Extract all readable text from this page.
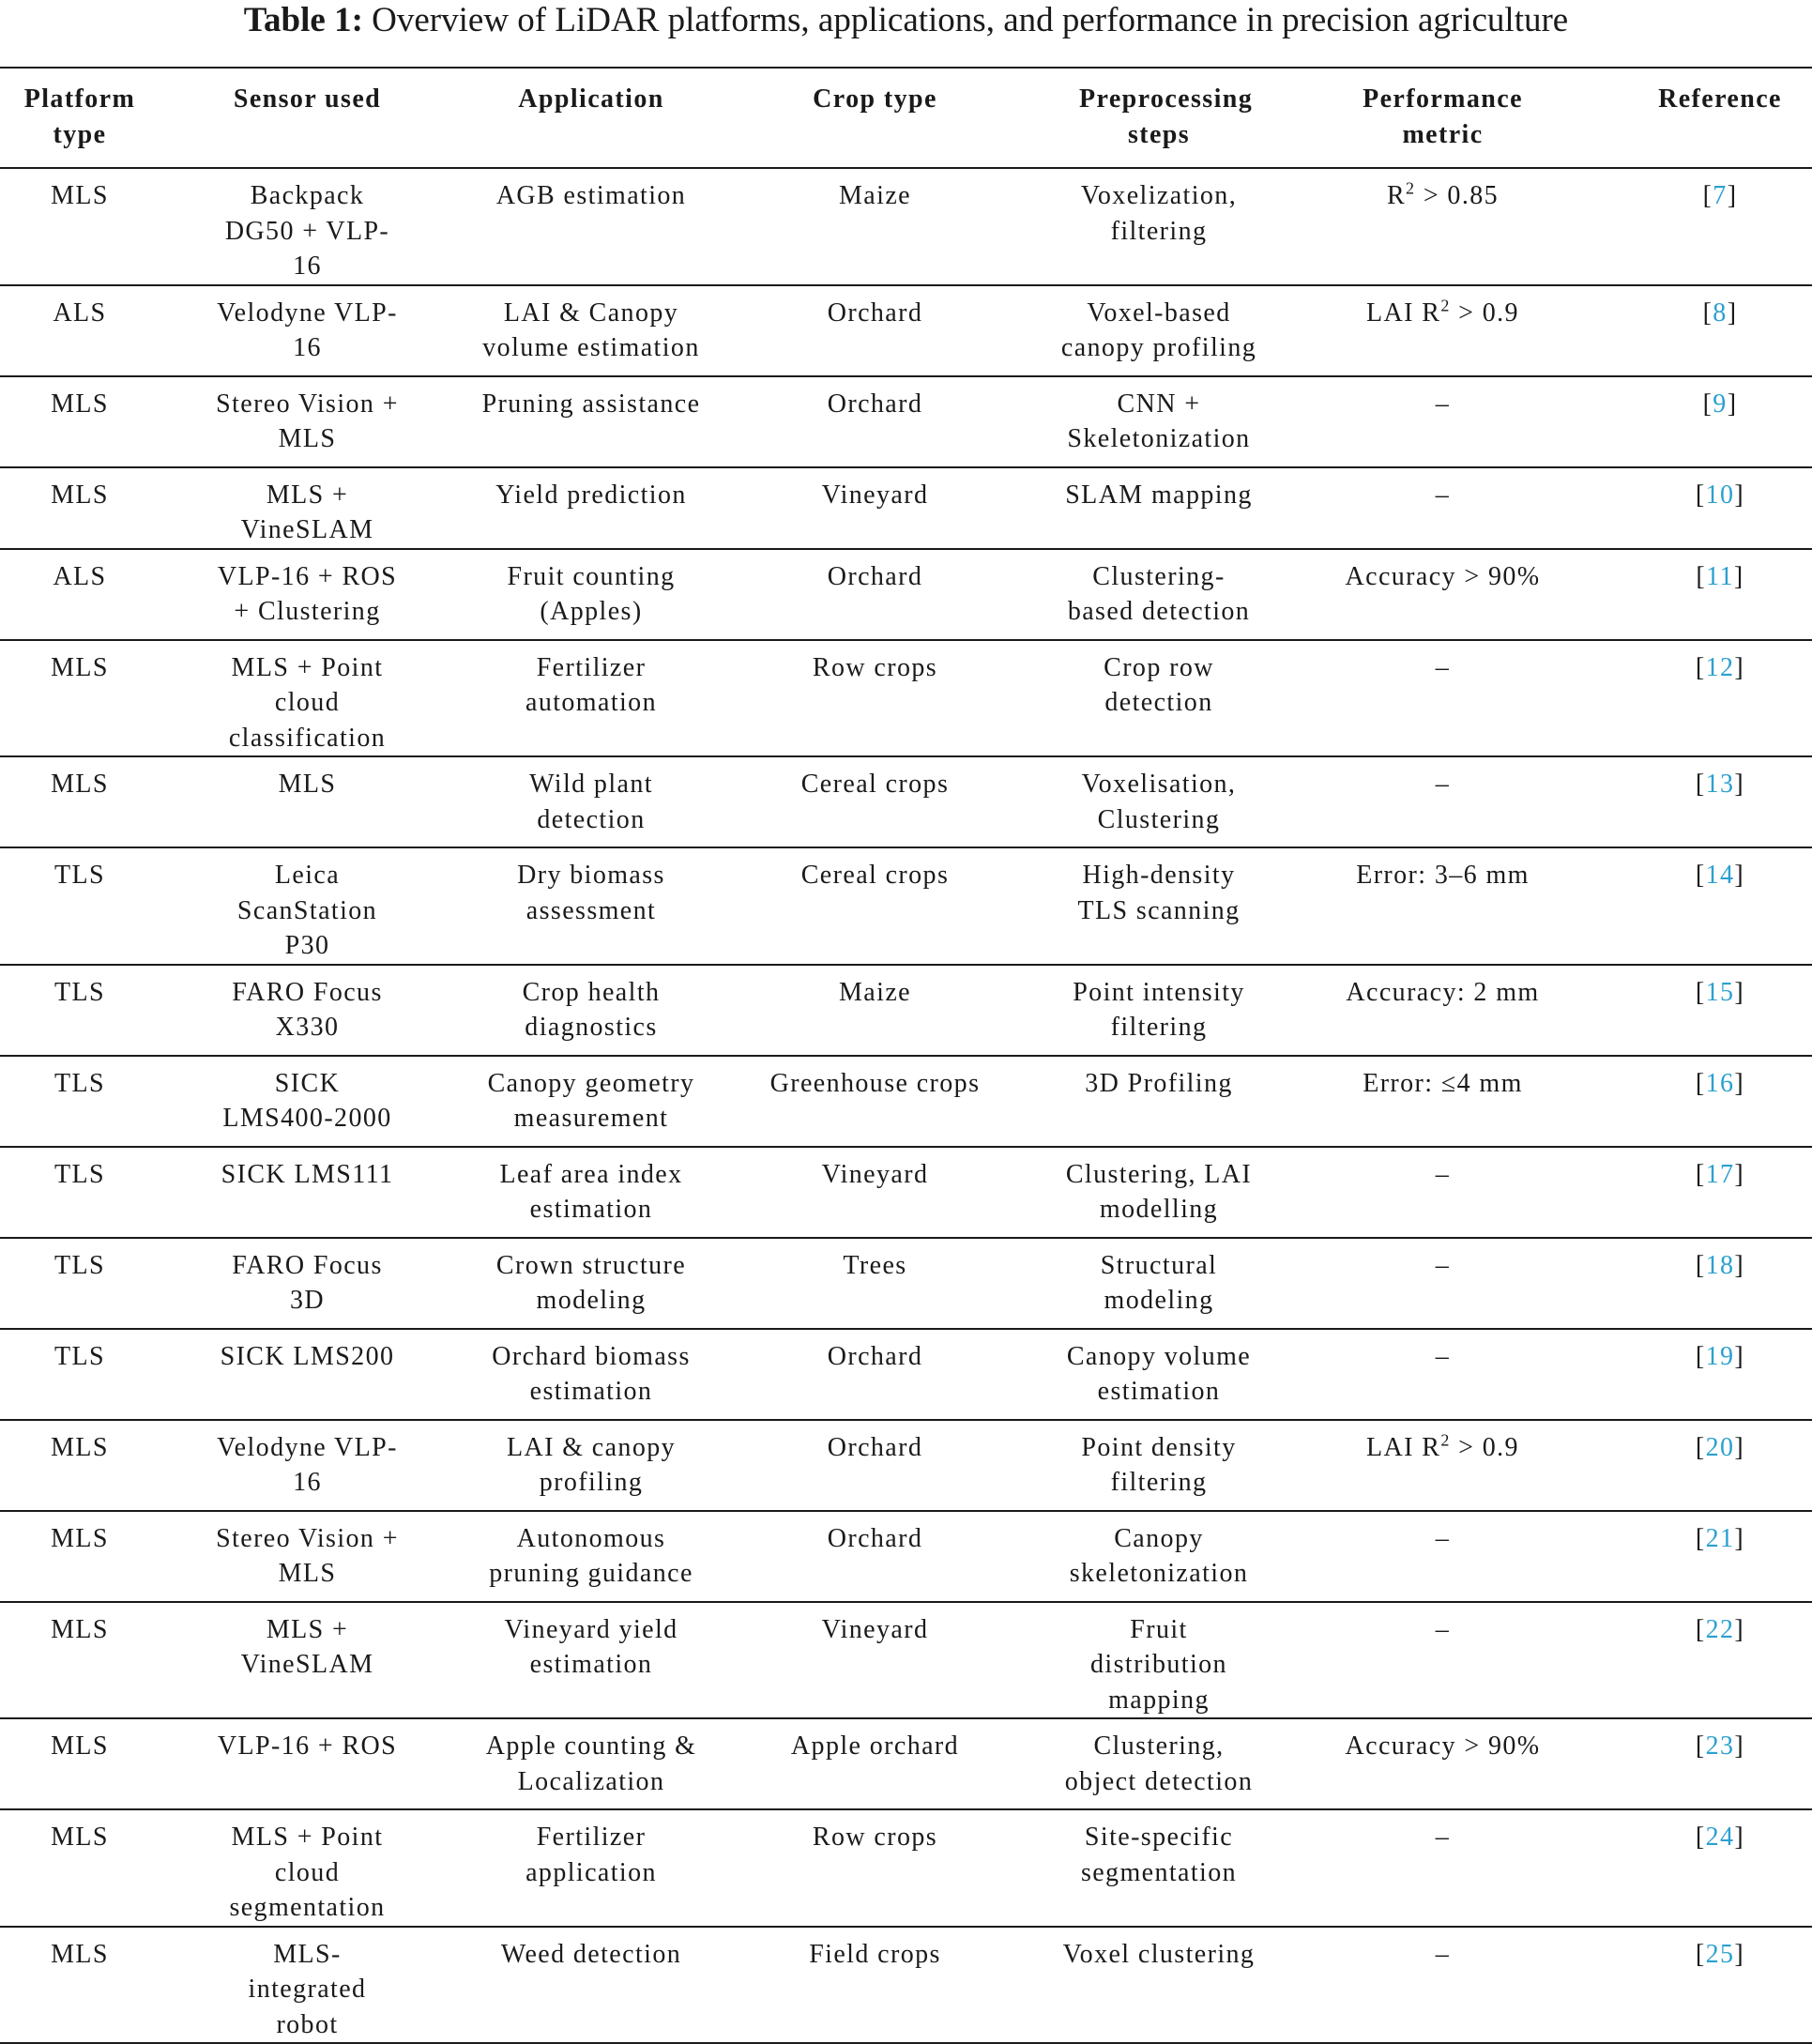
Table 1: Overview of LiDAR platforms, applications, and performance in precision agriculture
Platform type	Sensor used	Application	Crop type	Preprocessing steps	Performance metric	Reference
MLS	Backpack DG50 + VLP-16	AGB estimation	Maize	Voxelization, filtering	$R^2 > 0.85$	[7]
ALS	Velodyne VLP-16	LAI & Canopy volume estimation	Orchard	Voxel-based canopy profiling	LAI $R^2 > 0.9$	[8]
MLS	Stereo Vision + MLS	Pruning assistance	Orchard	CNN + Skeletonization	–	[9]
MLS	MLS + VineSLAM	Yield prediction	Vineyard	SLAM mapping	–	[10]
ALS	VLP-16 + ROS + Clustering	Fruit counting (Apples)	Orchard	Clustering-based detection	Accuracy > 90%	[11]
MLS	MLS + Point cloud classification	Fertilizer automation	Row crops	Crop row detection	–	[12]
MLS	MLS	Wild plant detection	Cereal crops	Voxelisation, Clustering	–	[13]
TLS	Leica ScanStation P30	Dry biomass assessment	Cereal crops	High-density TLS scanning	Error: 3–6 mm	[14]
TLS	FARO Focus X330	Crop health diagnostics	Maize	Point intensity filtering	Accuracy: 2 mm	[15]
TLS	SICK LMS400-2000	Canopy geometry measurement	Greenhouse crops	3D Profiling	Error: ≤4 mm	[16]
TLS	SICK LMS111	Leaf area index estimation	Vineyard	Clustering, LAI modelling	–	[17]
TLS	FARO Focus 3D	Crown structure modeling	Trees	Structural modeling	–	[18]
TLS	SICK LMS200	Orchard biomass estimation	Orchard	Canopy volume estimation	–	[19]
MLS	Velodyne VLP-16	LAI & canopy profiling	Orchard	Point density filtering	LAI $R^2 > 0.9$	[20]
MLS	Stereo Vision + MLS	Autonomous pruning guidance	Orchard	Canopy skeletonization	–	[21]
MLS	MLS + VineSLAM	Vineyard yield estimation	Vineyard	Fruit distribution mapping	–	[22]
MLS	VLP-16 + ROS	Apple counting & Localization	Apple orchard	Clustering, object detection	Accuracy > 90%	[23]
MLS	MLS + Point cloud segmentation	Fertilizer application	Row crops	Site-specific segmentation	–	[24]
MLS	MLS-integrated robot	Weed detection	Field crops	Voxel clustering	–	[25]
